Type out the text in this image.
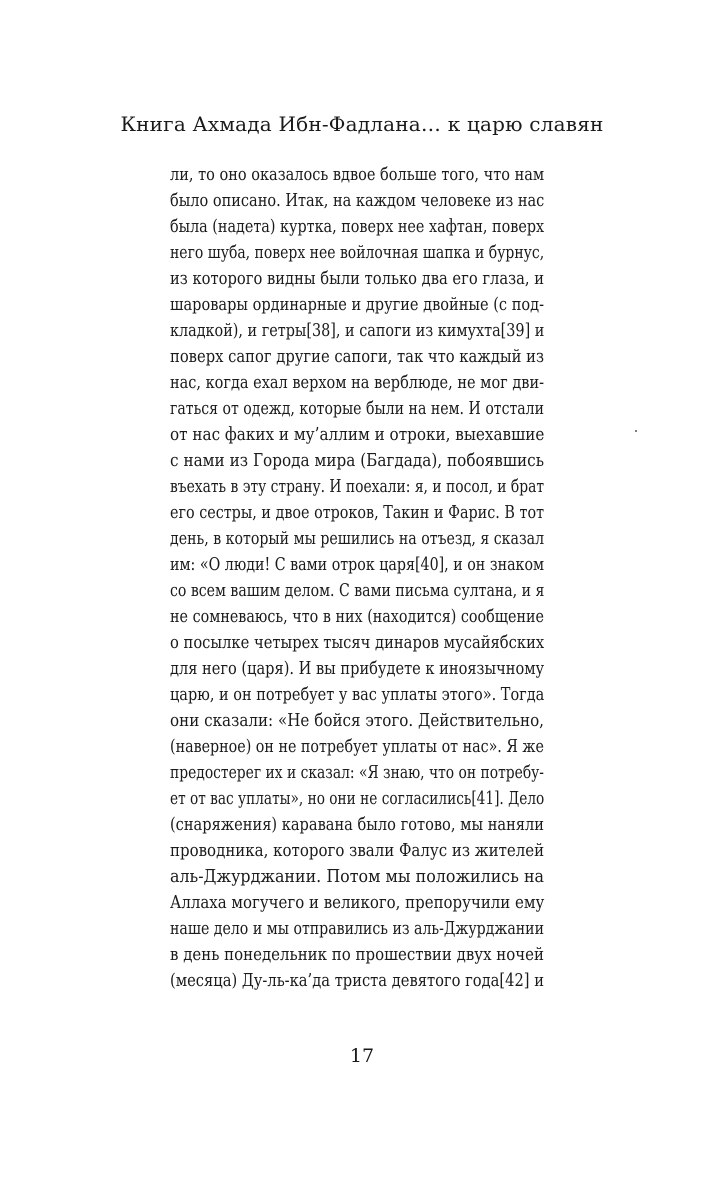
Книга Ахмада Ибн-Фадлана… к царю славян
ли, то оно оказалось вдвое больше того, что нам
было описано. Итак, на каждом человеке из нас
была (надета) куртка, поверх нее хафтан, поверх
него шуба, поверх нее войлочная шапка и бурнус,
из которого видны были только два его глаза, и
шаровары ординарные и другие двойные (с под-
кладкой), и гетры[38], и сапоги из кимухта[39] и
поверх сапог другие сапоги, так что каждый из
нас, когда ехал верхом на верблюде, не мог дви-
гаться от одежд, которые были на нем. И отстали
от нас факих и му’аллим и отроки, выехавшие
с нами из Города мира (Багдада), побоявшись
въехать в эту страну. И поехали: я, и посол, и брат
его сестры, и двое отроков, Такин и Фарис. В тот
день, в который мы решились на отъезд, я сказал
им: «О люди! С вами отрок царя[40], и он знаком
со всем вашим делом. С вами письма султана, и я
не сомневаюсь, что в них (находится) сообщение
о посылке четырех тысяч динаров мусайябских
для него (царя). И вы прибудете к иноязычному
царю, и он потребует у вас уплаты этого». Тогда
они сказали: «Не бойся этого. Действительно,
(наверное) он не потребует уплаты от нас». Я же
предостерег их и сказал: «Я знаю, что он потребу-
ет от вас уплаты», но они не согласились[41]. Дело
(снаряжения) каравана было готово, мы наняли
проводника, которого звали Фалус из жителей
аль-Джурджании. Потом мы положились на
Аллаха могучего и великого, препоручили ему
наше дело и мы отправились из аль-Джурджании
в день понедельник по прошествии двух ночей
(месяца) Ду-ль-ка’да триста девятого года[42] и
17
